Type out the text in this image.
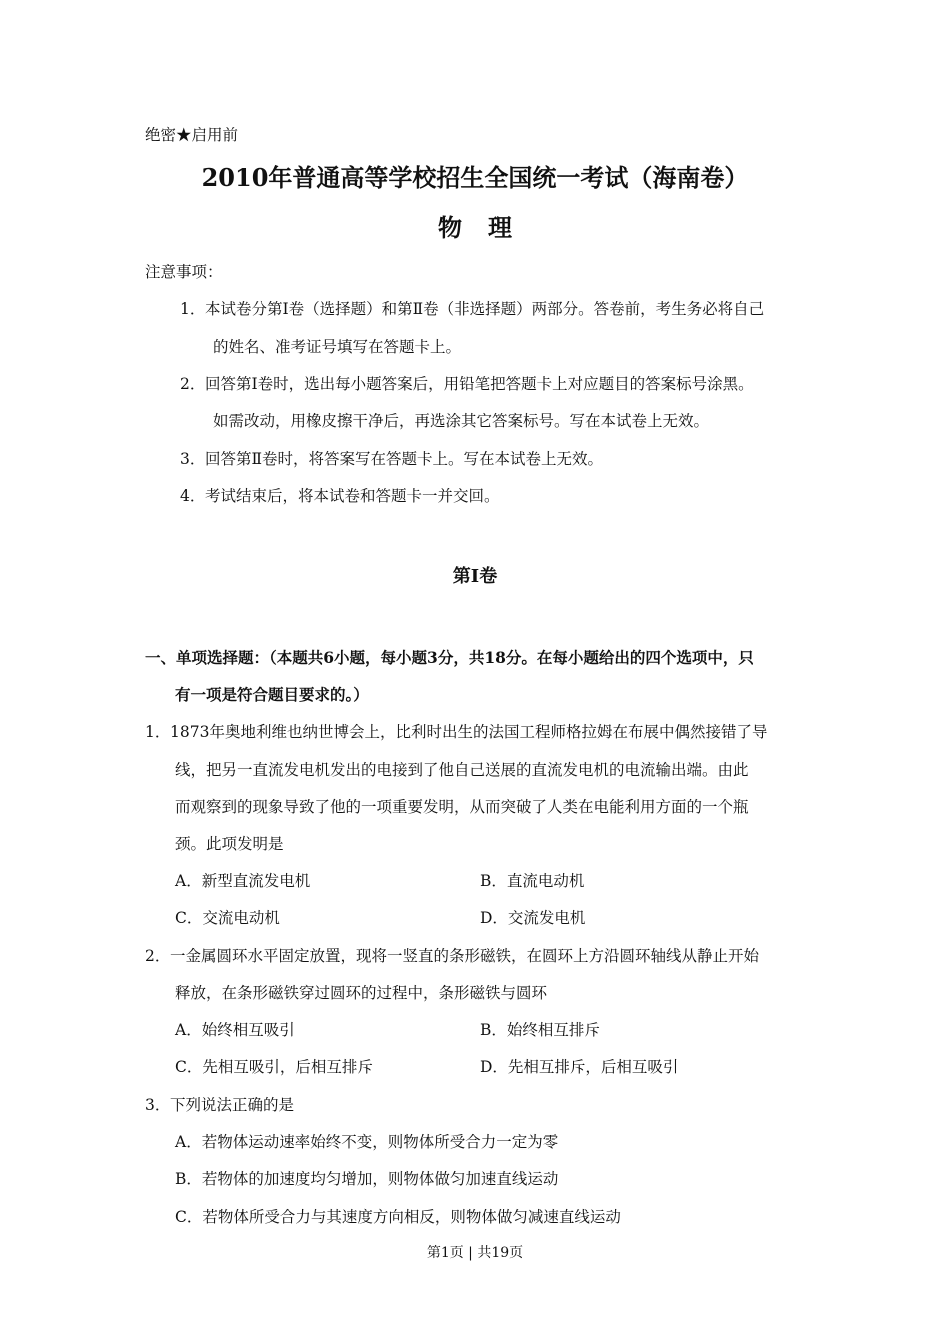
绝密★启用前
2010年普通高等学校招生全国统一考试（海南卷）
物理
注意事项：
1． 本试卷分第Ⅰ卷（选择题）和第Ⅱ卷（非选择题）两部分。答卷前，考生务必将自己
的姓名、准考证号填写在答题卡上。
2． 回答第Ⅰ卷时，选出每小题答案后，用铅笔把答题卡上对应题目的答案标号涂黑。
如需改动，用橡皮擦干净后，再选涂其它答案标号。写在本试卷上无效。
3． 回答第Ⅱ卷时，将答案写在答题卡上。写在本试卷上无效。
4． 考试结束后，将本试卷和答题卡一并交回。
第Ⅰ卷
一、单项选择题：（本题共6小题，每小题3分，共18分。在每小题给出的四个选项中，只
有一项是符合题目要求的。）
1． 1873年奥地利维也纳世博会上，比利时出生的法国工程师格拉姆在布展中偶然接错了导
线，把另一直流发电机发出的电接到了他自己送展的直流发电机的电流输出端。由此
而观察到的现象导致了他的一项重要发明，从而突破了人类在电能利用方面的一个瓶
颈。此项发明是
A．新型直流发电机	B．直流电动机
C．交流电动机	D．交流发电机
2． 一金属圆环水平固定放置，现将一竖直的条形磁铁，在圆环上方沿圆环轴线从静止开始
释放，在条形磁铁穿过圆环的过程中，条形磁铁与圆环
A．始终相互吸引	B．始终相互排斥
C．先相互吸引，后相互排斥	D．先相互排斥，后相互吸引
3． 下列说法正确的是
A．若物体运动速率始终不变，则物体所受合力一定为零
B．若物体的加速度均匀增加，则物体做匀加速直线运动
C．若物体所受合力与其速度方向相反，则物体做匀减速直线运动
第1页 | 共19页
